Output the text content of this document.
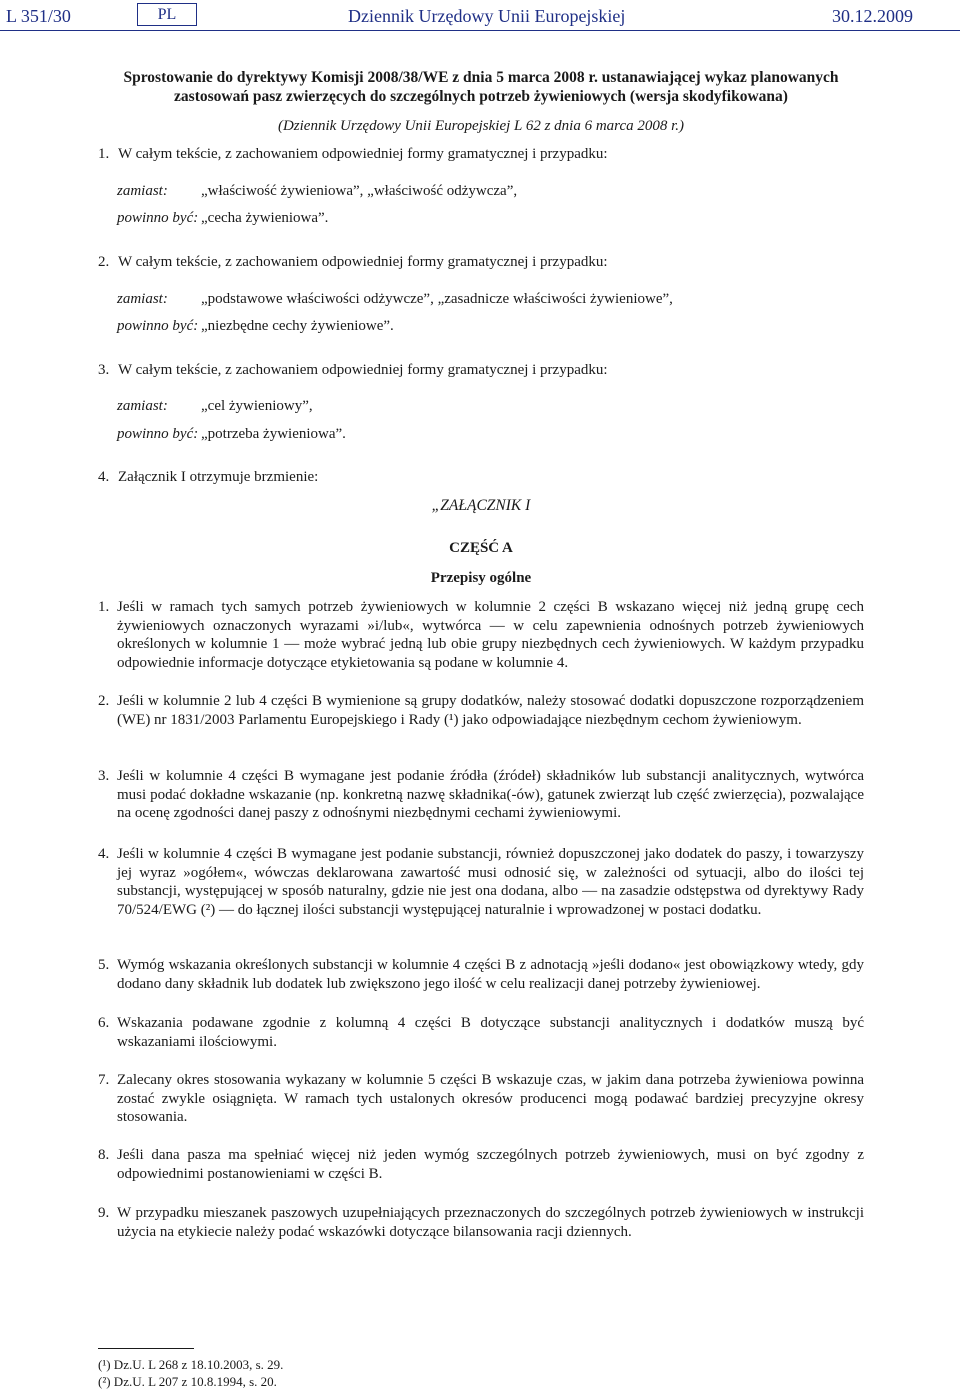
L 351/30	PL	Dziennik Urzędowy Unii Europejskiej	30.12.2009
Sprostowanie do dyrektywy Komisji 2008/38/WE z dnia 5 marca 2008 r. ustanawiającej wykaz planowanych zastosowań pasz zwierzęcych do szczególnych potrzeb żywieniowych (wersja skodyfikowana)
(Dziennik Urzędowy Unii Europejskiej L 62 z dnia 6 marca 2008 r.)
1. W całym tekście, z zachowaniem odpowiedniej formy gramatycznej i przypadku:
zamiast: „właściwość żywieniowa”, „właściwość odżywcza”,
powinno być: „cecha żywieniowa”.
2. W całym tekście, z zachowaniem odpowiedniej formy gramatycznej i przypadku:
zamiast: „podstawowe właściwości odżywcze”, „zasadnicze właściwości żywieniowe”,
powinno być: „niezbędne cechy żywieniowe”.
3. W całym tekście, z zachowaniem odpowiedniej formy gramatycznej i przypadku:
zamiast: „cel żywieniowy”,
powinno być: „potrzeba żywieniowa”.
4. Załącznik I otrzymuje brzmienie:
„ZAŁĄCZNIK I
CZĘŚĆ A
Przepisy ogólne
1. Jeśli w ramach tych samych potrzeb żywieniowych w kolumnie 2 części B wskazano więcej niż jedną grupę cech żywieniowych oznaczonych wyrazami »i/lub«, wytwórca — w celu zapewnienia odnośnych potrzeb żywieniowych określonych w kolumnie 1 — może wybrać jedną lub obie grupy niezbędnych cech żywieniowych. W każdym przypadku odpowiednie informacje dotyczące etykietowania są podane w kolumnie 4.
2. Jeśli w kolumnie 2 lub 4 części B wymienione są grupy dodatków, należy stosować dodatki dopuszczone rozporządzeniem (WE) nr 1831/2003 Parlamentu Europejskiego i Rady (¹) jako odpowiadające niezbędnym cechom żywieniowym.
3. Jeśli w kolumnie 4 części B wymagane jest podanie źródła (źródeł) składników lub substancji analitycznych, wytwórca musi podać dokładne wskazanie (np. konkretną nazwę składnika(-ów), gatunek zwierząt lub część zwierzęcia), pozwalające na ocenę zgodności danej paszy z odnośnymi niezbędnymi cechami żywieniowymi.
4. Jeśli w kolumnie 4 części B wymagane jest podanie substancji, również dopuszczonej jako dodatek do paszy, i towarzyszy jej wyraz »ogółem«, wówczas deklarowana zawartość musi odnosić się, w zależności od sytuacji, albo do ilości tej substancji, występującej w sposób naturalny, gdzie nie jest ona dodana, albo — na zasadzie odstępstwa od dyrektywy Rady 70/524/EWG (²) — do łącznej ilości substancji występującej naturalnie i wprowadzonej w postaci dodatku.
5. Wymóg wskazania określonych substancji w kolumnie 4 części B z adnotacją »jeśli dodano« jest obowiązkowy wtedy, gdy dodano dany składnik lub dodatek lub zwiększono jego ilość w celu realizacji danej potrzeby żywieniowej.
6. Wskazania podawane zgodnie z kolumną 4 części B dotyczące substancji analitycznych i dodatków muszą być wskazaniami ilościowymi.
7. Zalecany okres stosowania wykazany w kolumnie 5 części B wskazuje czas, w jakim dana potrzeba żywieniowa powinna zostać zwykle osiągnięta. W ramach tych ustalonych okresów producenci mogą podawać bardziej precyzyjne okresy stosowania.
8. Jeśli dana pasza ma spełniać więcej niż jeden wymóg szczególnych potrzeb żywieniowych, musi on być zgodny z odpowiednimi postanowieniami w części B.
9. W przypadku mieszanek paszowych uzupełniających przeznaczonych do szczególnych potrzeb żywieniowych w instrukcji użycia na etykiecie należy podać wskazówki dotyczące bilansowania racji dziennych.
(¹) Dz.U. L 268 z 18.10.2003, s. 29.
(²) Dz.U. L 207 z 10.8.1994, s. 20.
